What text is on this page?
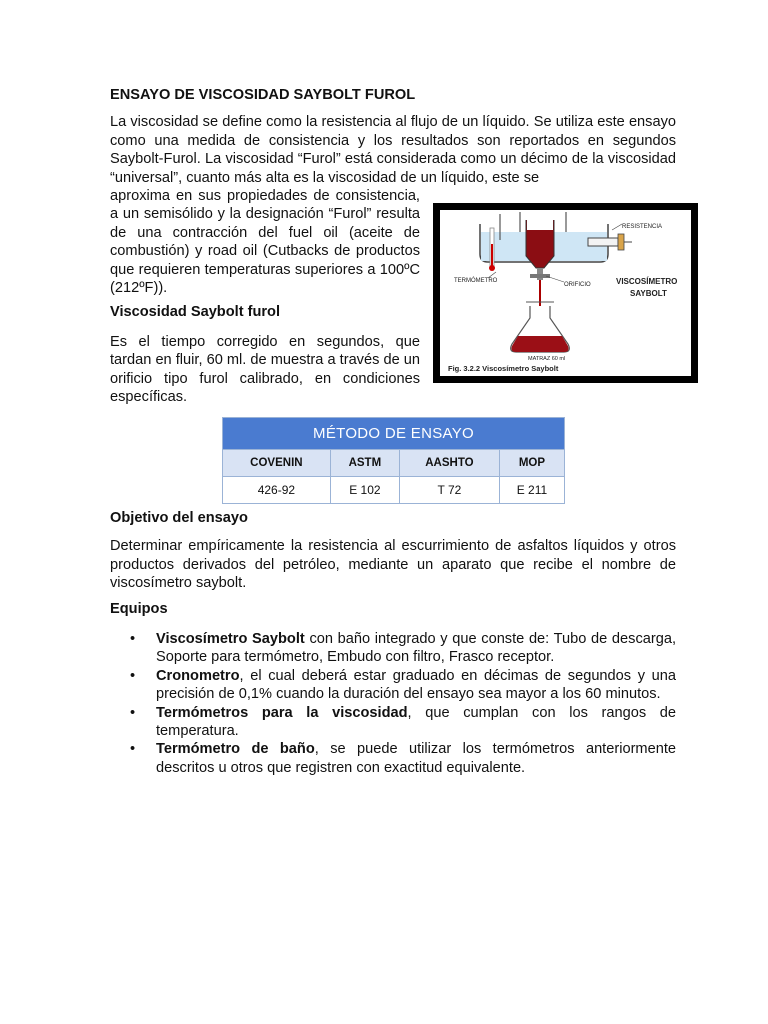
ENSAYO DE VISCOSIDAD SAYBOLT FUROL
La viscosidad se define como la resistencia al flujo de un líquido. Se utiliza este ensayo como una medida de consistencia y los resultados son reportados en segundos Saybolt-Furol. La viscosidad “Furol” está considerada como un décimo de la viscosidad “universal”, cuanto más alta es la viscosidad de un líquido, este se
aproxima en sus propiedades de consistencia, a un semisólido y la designación “Furol” resulta de una contracción del fuel oil (aceite de combustión) y road oil (Cutbacks de productos que requieren temperaturas superiores a 100ºC (212ºF)).
Viscosidad Saybolt furol
Es el tiempo corregido en segundos, que tardan en fluir, 60 ml. de muestra a través de un orificio tipo furol calibrado, en condiciones específicas.
RESISTENCIA
TERMÓMETRO
ORIFICIO	VISCOSÍMETRO
SAYBOLT
MATRAZ 60 ml
Fig. 3.2.2 Viscosímetro Saybolt
MÉTODO DE ENSAYO			
COVENIN	ASTM	AASHTO	MOP
426-92	E 102	T 72	E 211
Objetivo del ensayo
Determinar empíricamente la resistencia al escurrimiento de asfaltos líquidos y otros productos derivados del petróleo, mediante un aparato que recibe el nombre de viscosímetro saybolt.
Equipos
• Viscosímetro Saybolt con baño integrado y que conste de: Tubo de descarga, Soporte para termómetro, Embudo con filtro, Frasco receptor.
• Cronometro, el cual deberá estar graduado en décimas de segundos y una precisión de 0,1% cuando la duración del ensayo sea mayor a los 60 minutos.
• Termómetros para la viscosidad, que cumplan con los rangos de temperatura.
• Termómetro de baño, se puede utilizar los termómetros anteriormente descritos u otros que registren con exactitud equivalente.
